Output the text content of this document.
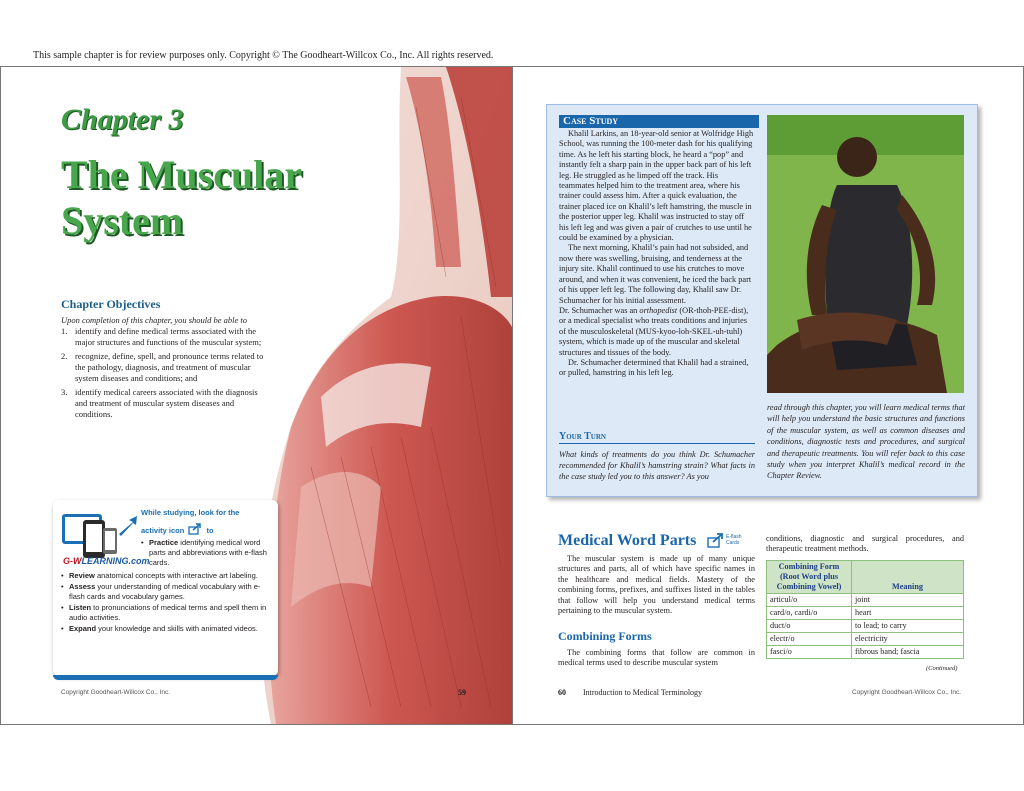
This sample chapter is for review purposes only. Copyright © The Goodheart-Willcox Co., Inc. All rights reserved.
Chapter 3
The Muscular
System
Chapter Objectives
Upon completion of this chapter, you should be able to
1. identify and define medical terms associated with the major structures and functions of the muscular system;
2. recognize, define, spell, and pronounce terms related to the pathology, diagnosis, and treatment of muscular system diseases and conditions; and
3. identify medical careers associated with the diagnosis and treatment of muscular system diseases and conditions.
G-WLEARNING.com
While studying, look for the
activity icon	to
• Practice identifying medical word parts and abbreviations with e-flash cards.
• Review anatomical concepts with interactive art labeling.
• Assess your understanding of medical vocabulary with e-flash cards and vocabulary games.
• Listen to pronunciations of medical terms and spell them in audio activities.
• Expand your knowledge and skills with animated videos.
Copyright Goodheart-Willcox Co., Inc.	59
Case Study

Khalil Larkins, an 18-year-old senior at Wolfridge High School, was running the 100-meter dash for his qualifying time. As he left his starting block, he heard a “pop” and instantly felt a sharp pain in the upper back part of his left leg. He struggled as he limped off the track. His teammates helped him to the treatment area, where his trainer could assess him. After a quick evaluation, the trainer placed ice on Khalil’s left hamstring, the muscle in the posterior upper leg. Khalil was instructed to stay off his left leg and was given a pair of crutches to use until he could be examined by a physician.

The next morning, Khalil’s pain had not subsided, and now there was swelling, bruising, and tenderness at the injury site. Khalil continued to use his crutches to move around, and when it was convenient, he iced the back part of his upper left leg. The following day, Khalil saw Dr. Schumacher for his initial assessment.

Dr. Schumacher was an orthopedist (OR-thoh-PEE-dist), or a medical specialist who treats conditions and injuries of the musculoskeletal (MUS-kyoo-loh-SKEL-uh-tuhl) system, which is made up of the muscular and skeletal structures and tissues of the body.

Dr. Schumacher determined that Khalil had a strained, or pulled, hamstring in his left leg.

Your Turn
What kinds of treatments do you think Dr. Schumacher recommended for Khalil’s hamstring strain? What facts in the case study led you to this answer? As you
read through this chapter, you will learn medical terms that will help you understand the basic structures and functions of the muscular system, as well as common diseases and conditions, diagnostic tests and procedures, and surgical and therapeutic treatments. You will refer back to this case study when you interpret Khalil’s medical record in the Chapter Review.
Medical Word Parts	E-flash
Cards

The muscular system is made up of many unique structures and parts, all of which have specific names in the healthcare and medical fields. Mastery of the combining forms, prefixes, and suffixes listed in the tables that follow will help you understand medical terms pertaining to the muscular system.

Combining Forms

The combining forms that follow are common in medical terms used to describe muscular system

conditions, diagnostic and surgical procedures, and therapeutic treatment methods.
Combining Form (Root Word plus Combining Vowel)	Meaning
articul/o	joint
card/o, cardi/o	heart
duct/o	to lead; to carry
electr/o	electricity
fasci/o	fibrous band; fascia
(Continued)
60 Introduction to Medical Terminology	Copyright Goodheart-Willcox Co., Inc.
